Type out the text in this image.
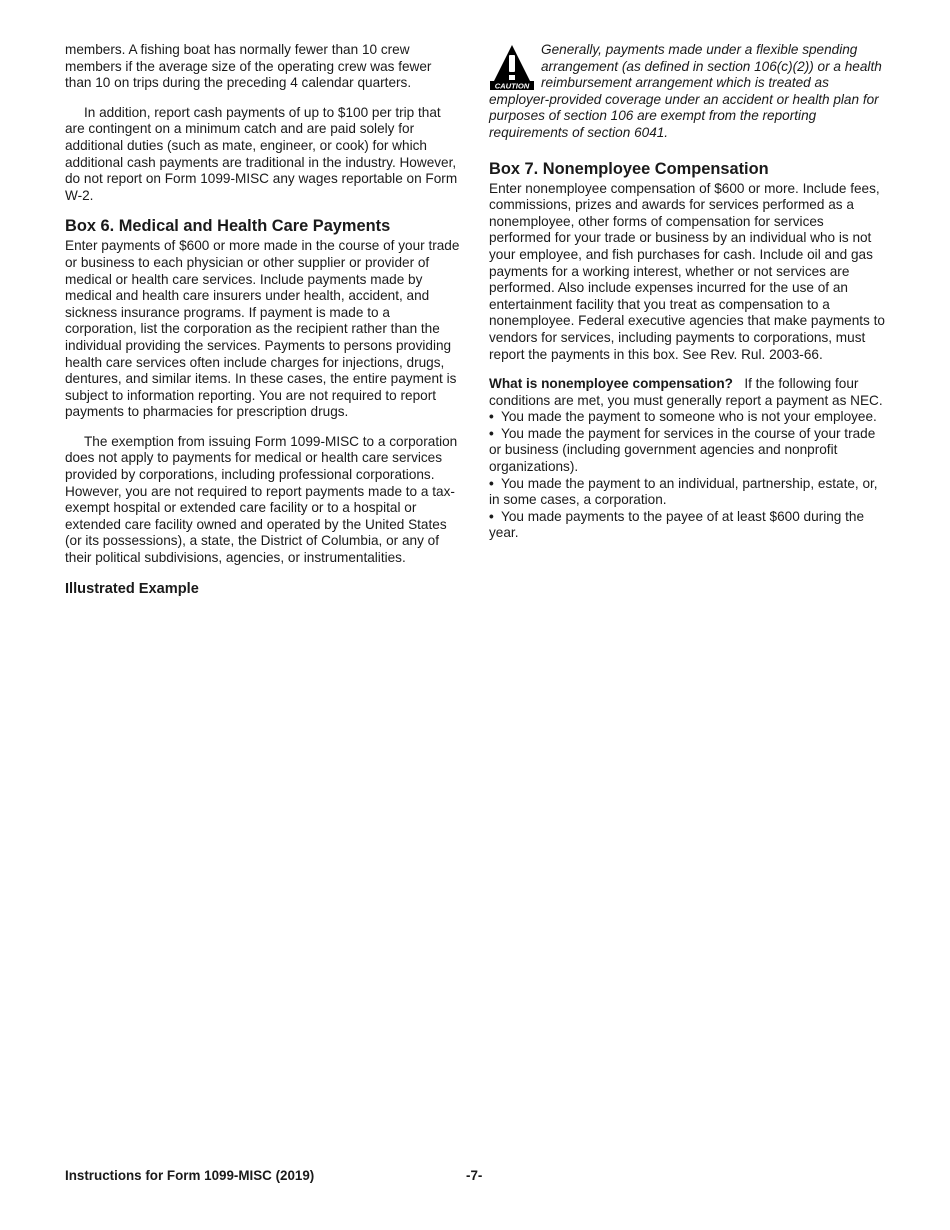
members. A fishing boat has normally fewer than 10 crew members if the average size of the operating crew was fewer than 10 on trips during the preceding 4 calendar quarters.

In addition, report cash payments of up to $100 per trip that are contingent on a minimum catch and are paid solely for additional duties (such as mate, engineer, or cook) for which additional cash payments are traditional in the industry. However, do not report on Form 1099-MISC any wages reportable on Form W-2.

Box 6. Medical and Health Care Payments

Enter payments of $600 or more made in the course of your trade or business to each physician or other supplier or provider of medical or health care services. Include payments made by medical and health care insurers under health, accident, and sickness insurance programs. If payment is made to a corporation, list the corporation as the recipient rather than the individual providing the services. Payments to persons providing health care services often include charges for injections, drugs, dentures, and similar items. In these cases, the entire payment is subject to information reporting. You are not required to report payments to pharmacies for prescription drugs.

The exemption from issuing Form 1099-MISC to a corporation does not apply to payments for medical or health care services provided by corporations, including professional corporations. However, you are not required to report payments made to a tax-exempt hospital or extended care facility or to a hospital or extended care facility owned and operated by the United States (or its possessions), a state, the District of Columbia, or any of their political subdivisions, agencies, or instrumentalities.

Illustrated Example
CAUTION
Generally, payments made under a flexible spending arrangement (as defined in section 106(c)(2)) or a health reimbursement arrangement which is treated as employer-provided coverage under an accident or health plan for purposes of section 106 are exempt from the reporting requirements of section 6041.
Box 7. Nonemployee Compensation

Enter nonemployee compensation of $600 or more. Include fees, commissions, prizes and awards for services performed as a nonemployee, other forms of compensation for services performed for your trade or business by an individual who is not your employee, and fish purchases for cash. Include oil and gas payments for a working interest, whether or not services are performed. Also include expenses incurred for the use of an entertainment facility that you treat as compensation to a nonemployee. Federal executive agencies that make payments to vendors for services, including payments to corporations, must report the payments in this box. See Rev. Rul. 2003-66.

What is nonemployee compensation? If the following four conditions are met, you must generally report a payment as NEC.

• You made the payment to someone who is not your employee.
• You made the payment for services in the course of your trade or business (including government agencies and nonprofit organizations).
• You made the payment to an individual, partnership, estate, or, in some cases, a corporation.
• You made payments to the payee of at least $600 during the year.
Instructions for Form 1099-MISC (2019)	-7-
